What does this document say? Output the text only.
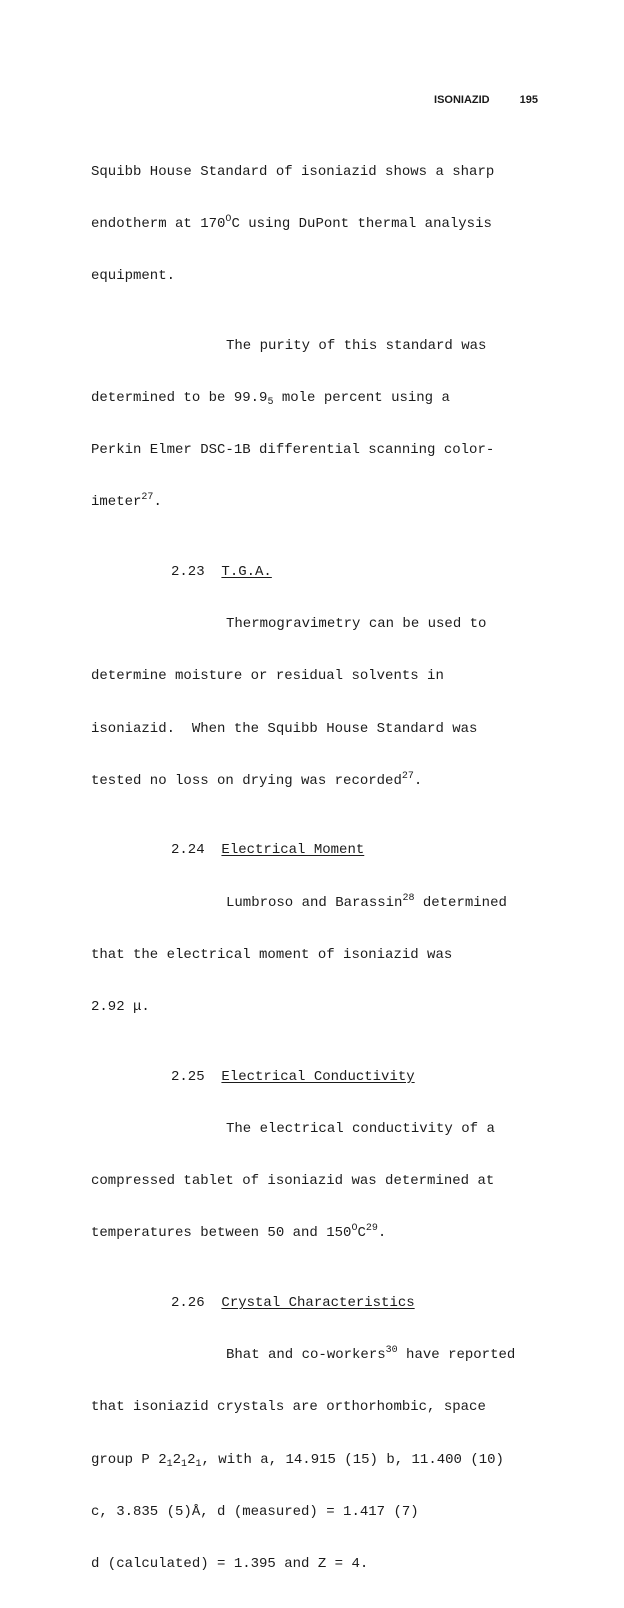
ISONIAZID	195

Squibb House Standard of isoniazid shows a sharp

endotherm at $170^OC$ using DuPont thermal analysis

equipment.

The purity of this standard was

determined to be $99.9_5$ mole percent using a

Perkin Elmer DSC-1B differential scanning color-

imeter$^{27}$.

2.23 T.G.A.

Thermogravimetry can be used to

determine moisture or residual solvents in

isoniazid.  When the Squibb House Standard was

tested no loss on drying was recorded$^{27}$.

2.24 Electrical Moment

Lumbroso and Barassin$^{28}$ determined

that the electrical moment of isoniazid was

2.92 μ.

2.25 Electrical Conductivity

The electrical conductivity of a

compressed tablet of isoniazid was determined at

temperatures between 50 and $150^OC^{29}$.

2.26 Crystal Characteristics

Bhat and co-workers$^{30}$ have reported

that isoniazid crystals are orthorhombic, space

group P $2_12_12_1$, with a, 14.915 (15) b, 11.400 (10)

c, 3.835 (5)Å, d (measured) = 1.417 (7)

d (calculated) = 1.395 and Z = 4.
